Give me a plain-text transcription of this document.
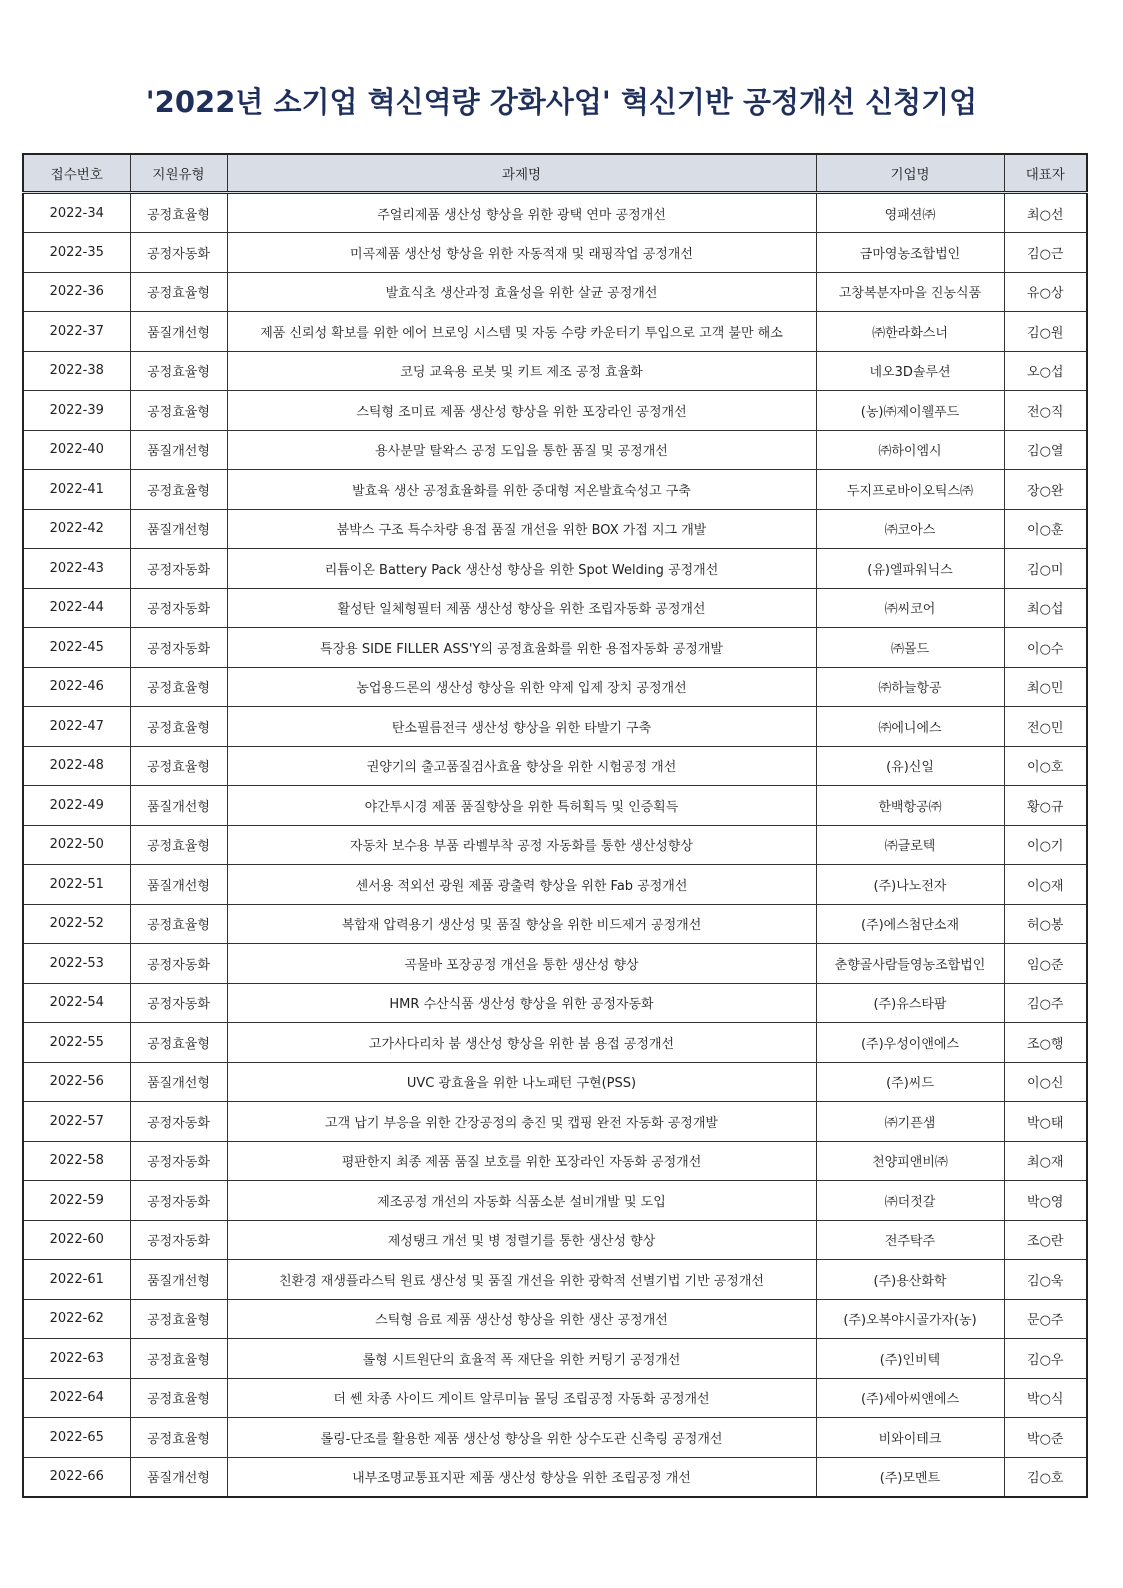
'2022년 소기업 혁신역량 강화사업' 혁신기반 공정개선 신청기업
접수번호	지원유형	과제명	기업명	대표자
2022-34	공정효율형	주얼리제품 생산성 향상을 위한 광택 연마 공정개선	영패션㈜	최○선
2022-35	공정자동화	미곡제품 생산성 향상을 위한 자동적재 및 래핑작업 공정개선	금마영농조합법인	김○근
2022-36	공정효율형	발효식초 생산과정 효율성을 위한 살균 공정개선	고창복분자마을 진농식품	유○상
2022-37	품질개선형	제품 신뢰성 확보를 위한 에어 브로잉 시스템 및 자동 수량 카운터기 투입으로 고객 불만 해소	㈜한라화스너	김○원
2022-38	공정효율형	코딩 교육용 로봇 및 키트 제조 공정 효율화	네오3D솔루션	오○섭
2022-39	공정효율형	스틱형 조미료 제품 생산성 향상을 위한 포장라인 공정개선	(농)㈜제이웰푸드	전○직
2022-40	품질개선형	용사분말 탈왁스 공정 도입을 통한 품질 및 공정개선	㈜하이엠시	김○열
2022-41	공정효율형	발효육 생산 공정효율화를 위한 중대형 저온발효숙성고 구축	두지프로바이오틱스㈜	장○완
2022-42	품질개선형	붐박스 구조 특수차량 용접 품질 개선을 위한 BOX 가접 지그 개발	㈜코아스	이○훈
2022-43	공정자동화	리튬이온 Battery Pack 생산성 향상을 위한 Spot Welding 공정개선	(유)엘파워닉스	김○미
2022-44	공정자동화	활성탄 일체형필터 제품 생산성 향상을 위한 조립자동화 공정개선	㈜씨코어	최○섭
2022-45	공정자동화	특장용 SIDE FILLER ASS'Y의 공정효율화를 위한 용접자동화 공정개발	㈜몰드	이○수
2022-46	공정효율형	농업용드론의 생산성 향상을 위한 약제 입제 장치 공정개선	㈜하늘항공	최○민
2022-47	공정효율형	탄소필름전극 생산성 향상을 위한 타발기 구축	㈜에니에스	전○민
2022-48	공정효율형	권양기의 출고품질검사효율 향상을 위한 시험공정 개선	(유)신일	이○호
2022-49	품질개선형	야간투시경 제품 품질향상을 위한 특허획득 및 인증획득	한백항공㈜	황○규
2022-50	공정효율형	자동차 보수용 부품 라벨부착 공정 자동화를 통한 생산성향상	㈜글로텍	이○기
2022-51	품질개선형	센서용 적외선 광원 제품 광출력 향상을 위한 Fab 공정개선	(주)나노전자	이○재
2022-52	공정효율형	복합재 압력용기 생산성 및 품질 향상을 위한 비드제거 공정개선	(주)에스첨단소재	허○봉
2022-53	공정자동화	곡물바 포장공정 개선을 통한 생산성 향상	춘향골사람들영농조합법인	임○준
2022-54	공정자동화	HMR 수산식품 생산성 향상을 위한 공정자동화	(주)유스타팜	김○주
2022-55	공정효율형	고가사다리차 붐 생산성 향상을 위한 붐 용접 공정개선	(주)우성이앤에스	조○행
2022-56	품질개선형	UVC 광효율을 위한 나노패턴 구현(PSS)	(주)씨드	이○신
2022-57	공정자동화	고객 납기 부응을 위한 간장공정의 충진 및 캡핑 완전 자동화 공정개발	㈜기픈샘	박○태
2022-58	공정자동화	평판한지 최종 제품 품질 보호를 위한 포장라인 자동화 공정개선	천양피앤비㈜	최○재
2022-59	공정자동화	제조공정 개선의 자동화 식품소분 설비개발 및 도입	㈜더젓갈	박○영
2022-60	공정자동화	제성탱크 개선 및 병 정렬기를 통한 생산성 향상	전주탁주	조○란
2022-61	품질개선형	친환경 재생플라스틱 원료 생산성 및 품질 개선을 위한 광학적 선별기법 기반 공정개선	(주)용산화학	김○욱
2022-62	공정효율형	스틱형 음료 제품 생산성 향상을 위한 생산 공정개선	(주)오복야시골가자(농)	문○주
2022-63	공정효율형	롤형 시트원단의 효율적 폭 재단을 위한 커팅기 공정개선	(주)인비텍	김○우
2022-64	공정효율형	더 쎈 차종 사이드 게이트 알루미늄 몰딩 조립공정 자동화 공정개선	(주)세아씨앤에스	박○식
2022-65	공정효율형	롤링-단조를 활용한 제품 생산성 향상을 위한 상수도관 신축링 공정개선	비와이테크	박○준
2022-66	품질개선형	내부조명교통표지판 제품 생산성 향상을 위한 조립공정 개선	(주)모멘트	김○호
